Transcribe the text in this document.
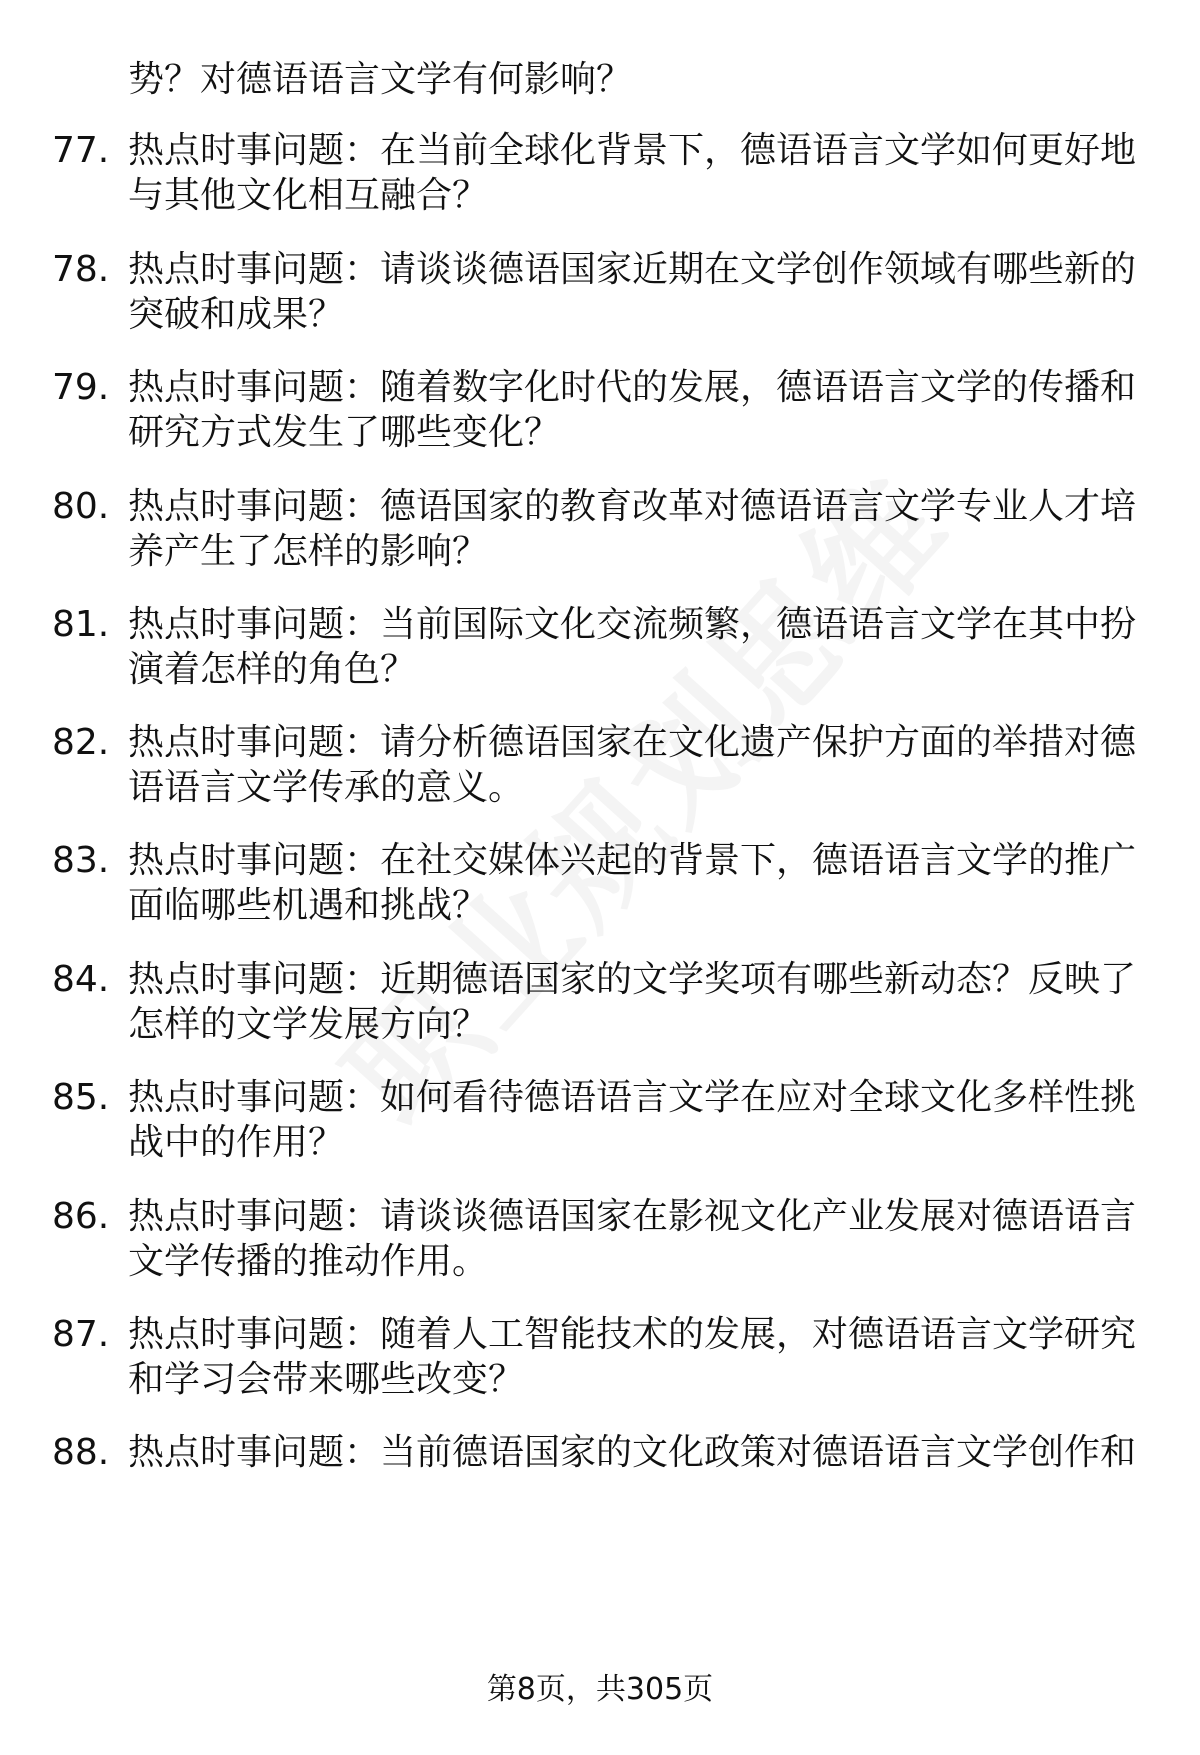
势？对德语语言文学有何影响？
77. 热点时事问题：在当前全球化背景下，德语语言文学如何更好地
与其他文化相互融合？
78. 热点时事问题：请谈谈德语国家近期在文学创作领域有哪些新的
突破和成果？
79. 热点时事问题：随着数字化时代的发展，德语语言文学的传播和
研究方式发生了哪些变化？
80. 热点时事问题：德语国家的教育改革对德语语言文学专业人才培
养产生了怎样的影响？
81. 热点时事问题：当前国际文化交流频繁，德语语言文学在其中扮
演着怎样的角色？
82. 热点时事问题：请分析德语国家在文化遗产保护方面的举措对德
语语言文学传承的意义。
83. 热点时事问题：在社交媒体兴起的背景下，德语语言文学的推广
面临哪些机遇和挑战？
84. 热点时事问题：近期德语国家的文学奖项有哪些新动态？反映了
怎样的文学发展方向？
85. 热点时事问题：如何看待德语语言文学在应对全球文化多样性挑
战中的作用？
86. 热点时事问题：请谈谈德语国家在影视文化产业发展对德语语言
文学传播的推动作用。
87. 热点时事问题：随着人工智能技术的发展，对德语语言文学研究
和学习会带来哪些改变？
88. 热点时事问题：当前德语国家的文化政策对德语语言文学创作和
第8页，共305页
